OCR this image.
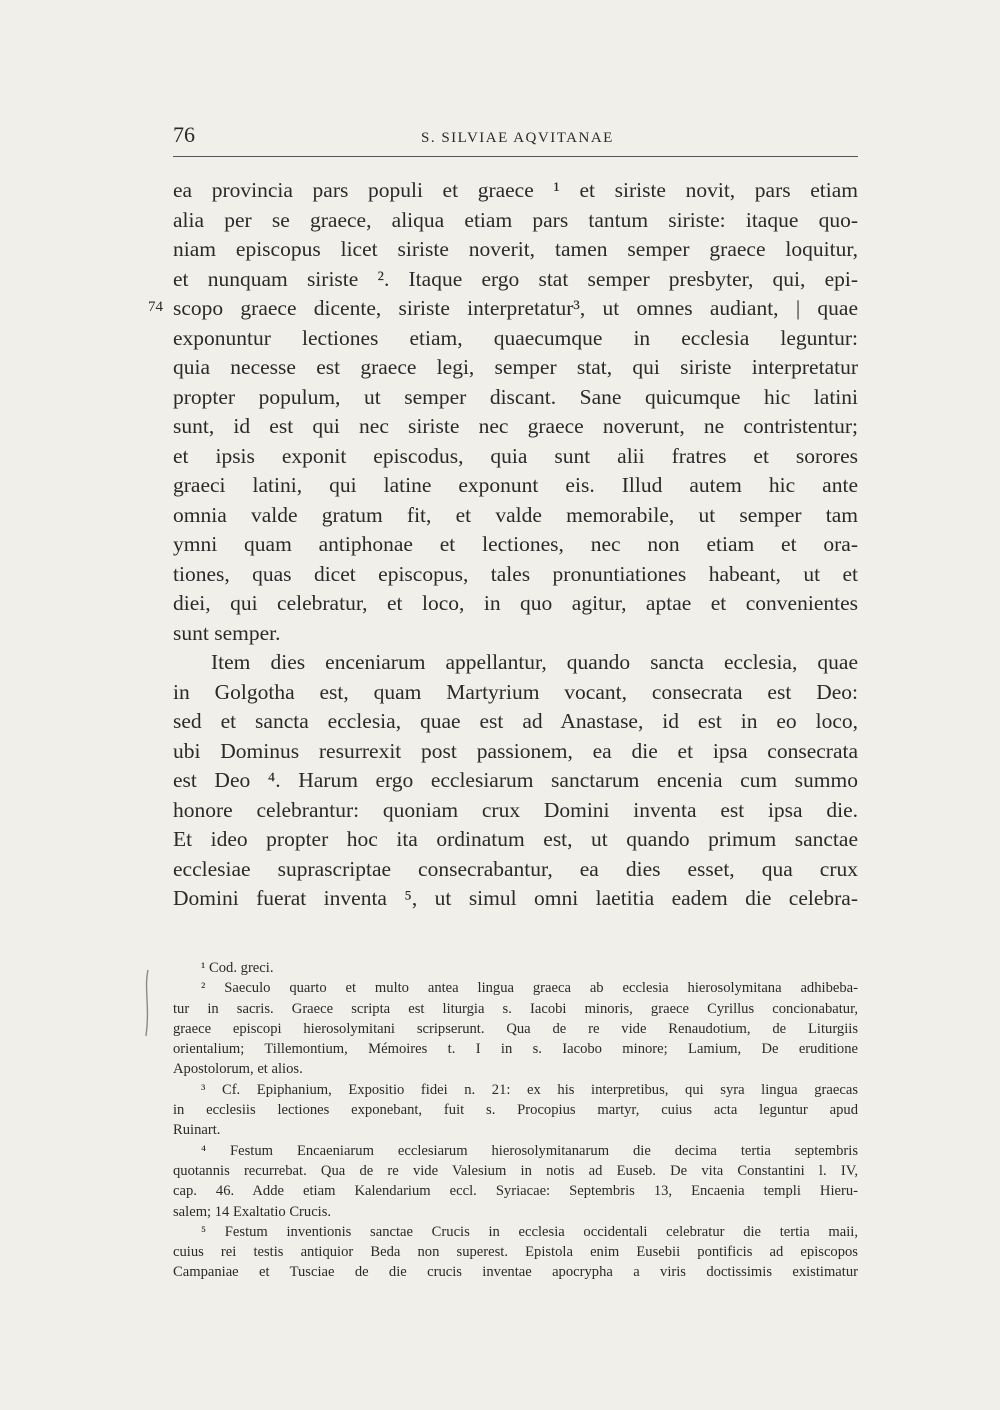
76	S. SILVIAE AQVITANAE
74
ea provincia pars populi et graece ¹ et siriste novit, pars etiam
alia per se graece, aliqua etiam pars tantum siriste: itaque quo-
niam episcopus licet siriste noverit, tamen semper graece loquitur,
et nunquam siriste ². Itaque ergo stat semper presbyter, qui, epi-
scopo graece dicente, siriste interpretatur³, ut omnes audiant, | quae
exponuntur lectiones etiam, quaecumque in ecclesia leguntur:
quia necesse est graece legi, semper stat, qui siriste interpretatur
propter populum, ut semper discant. Sane quicumque hic latini
sunt, id est qui nec siriste nec graece noverunt, ne contristentur;
et ipsis exponit episcodus, quia sunt alii fratres et sorores
graeci latini, qui latine exponunt eis. Illud autem hic ante
omnia valde gratum fit, et valde memorabile, ut semper tam
ymni quam antiphonae et lectiones, nec non etiam et ora-
tiones, quas dicet episcopus, tales pronuntiationes habeant, ut et
diei, qui celebratur, et loco, in quo agitur, aptae et convenientes
sunt semper.
Item dies enceniarum appellantur, quando sancta ecclesia, quae
in Golgotha est, quam Martyrium vocant, consecrata est Deo:
sed et sancta ecclesia, quae est ad Anastase, id est in eo loco,
ubi Dominus resurrexit post passionem, ea die et ipsa consecrata
est Deo ⁴. Harum ergo ecclesiarum sanctarum encenia cum summo
honore celebrantur: quoniam crux Domini inventa est ipsa die.
Et ideo propter hoc ita ordinatum est, ut quando primum sanctae
ecclesiae suprascriptae consecrabantur, ea dies esset, qua crux
Domini fuerat inventa ⁵, ut simul omni laetitia eadem die celebra-
¹ Cod. greci.
² Saeculo quarto et multo antea lingua graeca ab ecclesia hierosolymitana adhibeba-
tur in sacris. Graece scripta est liturgia s. Iacobi minoris, graece Cyrillus concionabatur,
graece episcopi hierosolymitani scripserunt. Qua de re vide Renaudotium, de Liturgiis
orientalium; Tillemontium, Mémoires t. I in s. Iacobo minore; Lamium, De eruditione
Apostolorum, et alios.
³ Cf. Epiphanium, Expositio fidei n. 21: ex his interpretibus, qui syra lingua graecas
in ecclesiis lectiones exponebant, fuit s. Procopius martyr, cuius acta leguntur apud
Ruinart.
⁴ Festum Encaeniarum ecclesiarum hierosolymitanarum die decima tertia septembris
quotannis recurrebat. Qua de re vide Valesium in notis ad Euseb. De vita Constantini l. IV,
cap. 46. Adde etiam Kalendarium eccl. Syriacae: Septembris 13, Encaenia templi Hieru-
salem; 14 Exaltatio Crucis.
⁵ Festum inventionis sanctae Crucis in ecclesia occidentali celebratur die tertia maii,
cuius rei testis antiquior Beda non superest. Epistola enim Eusebii pontificis ad episcopos
Campaniae et Tusciae de die crucis inventae apocrypha a viris doctissimis existimatur
